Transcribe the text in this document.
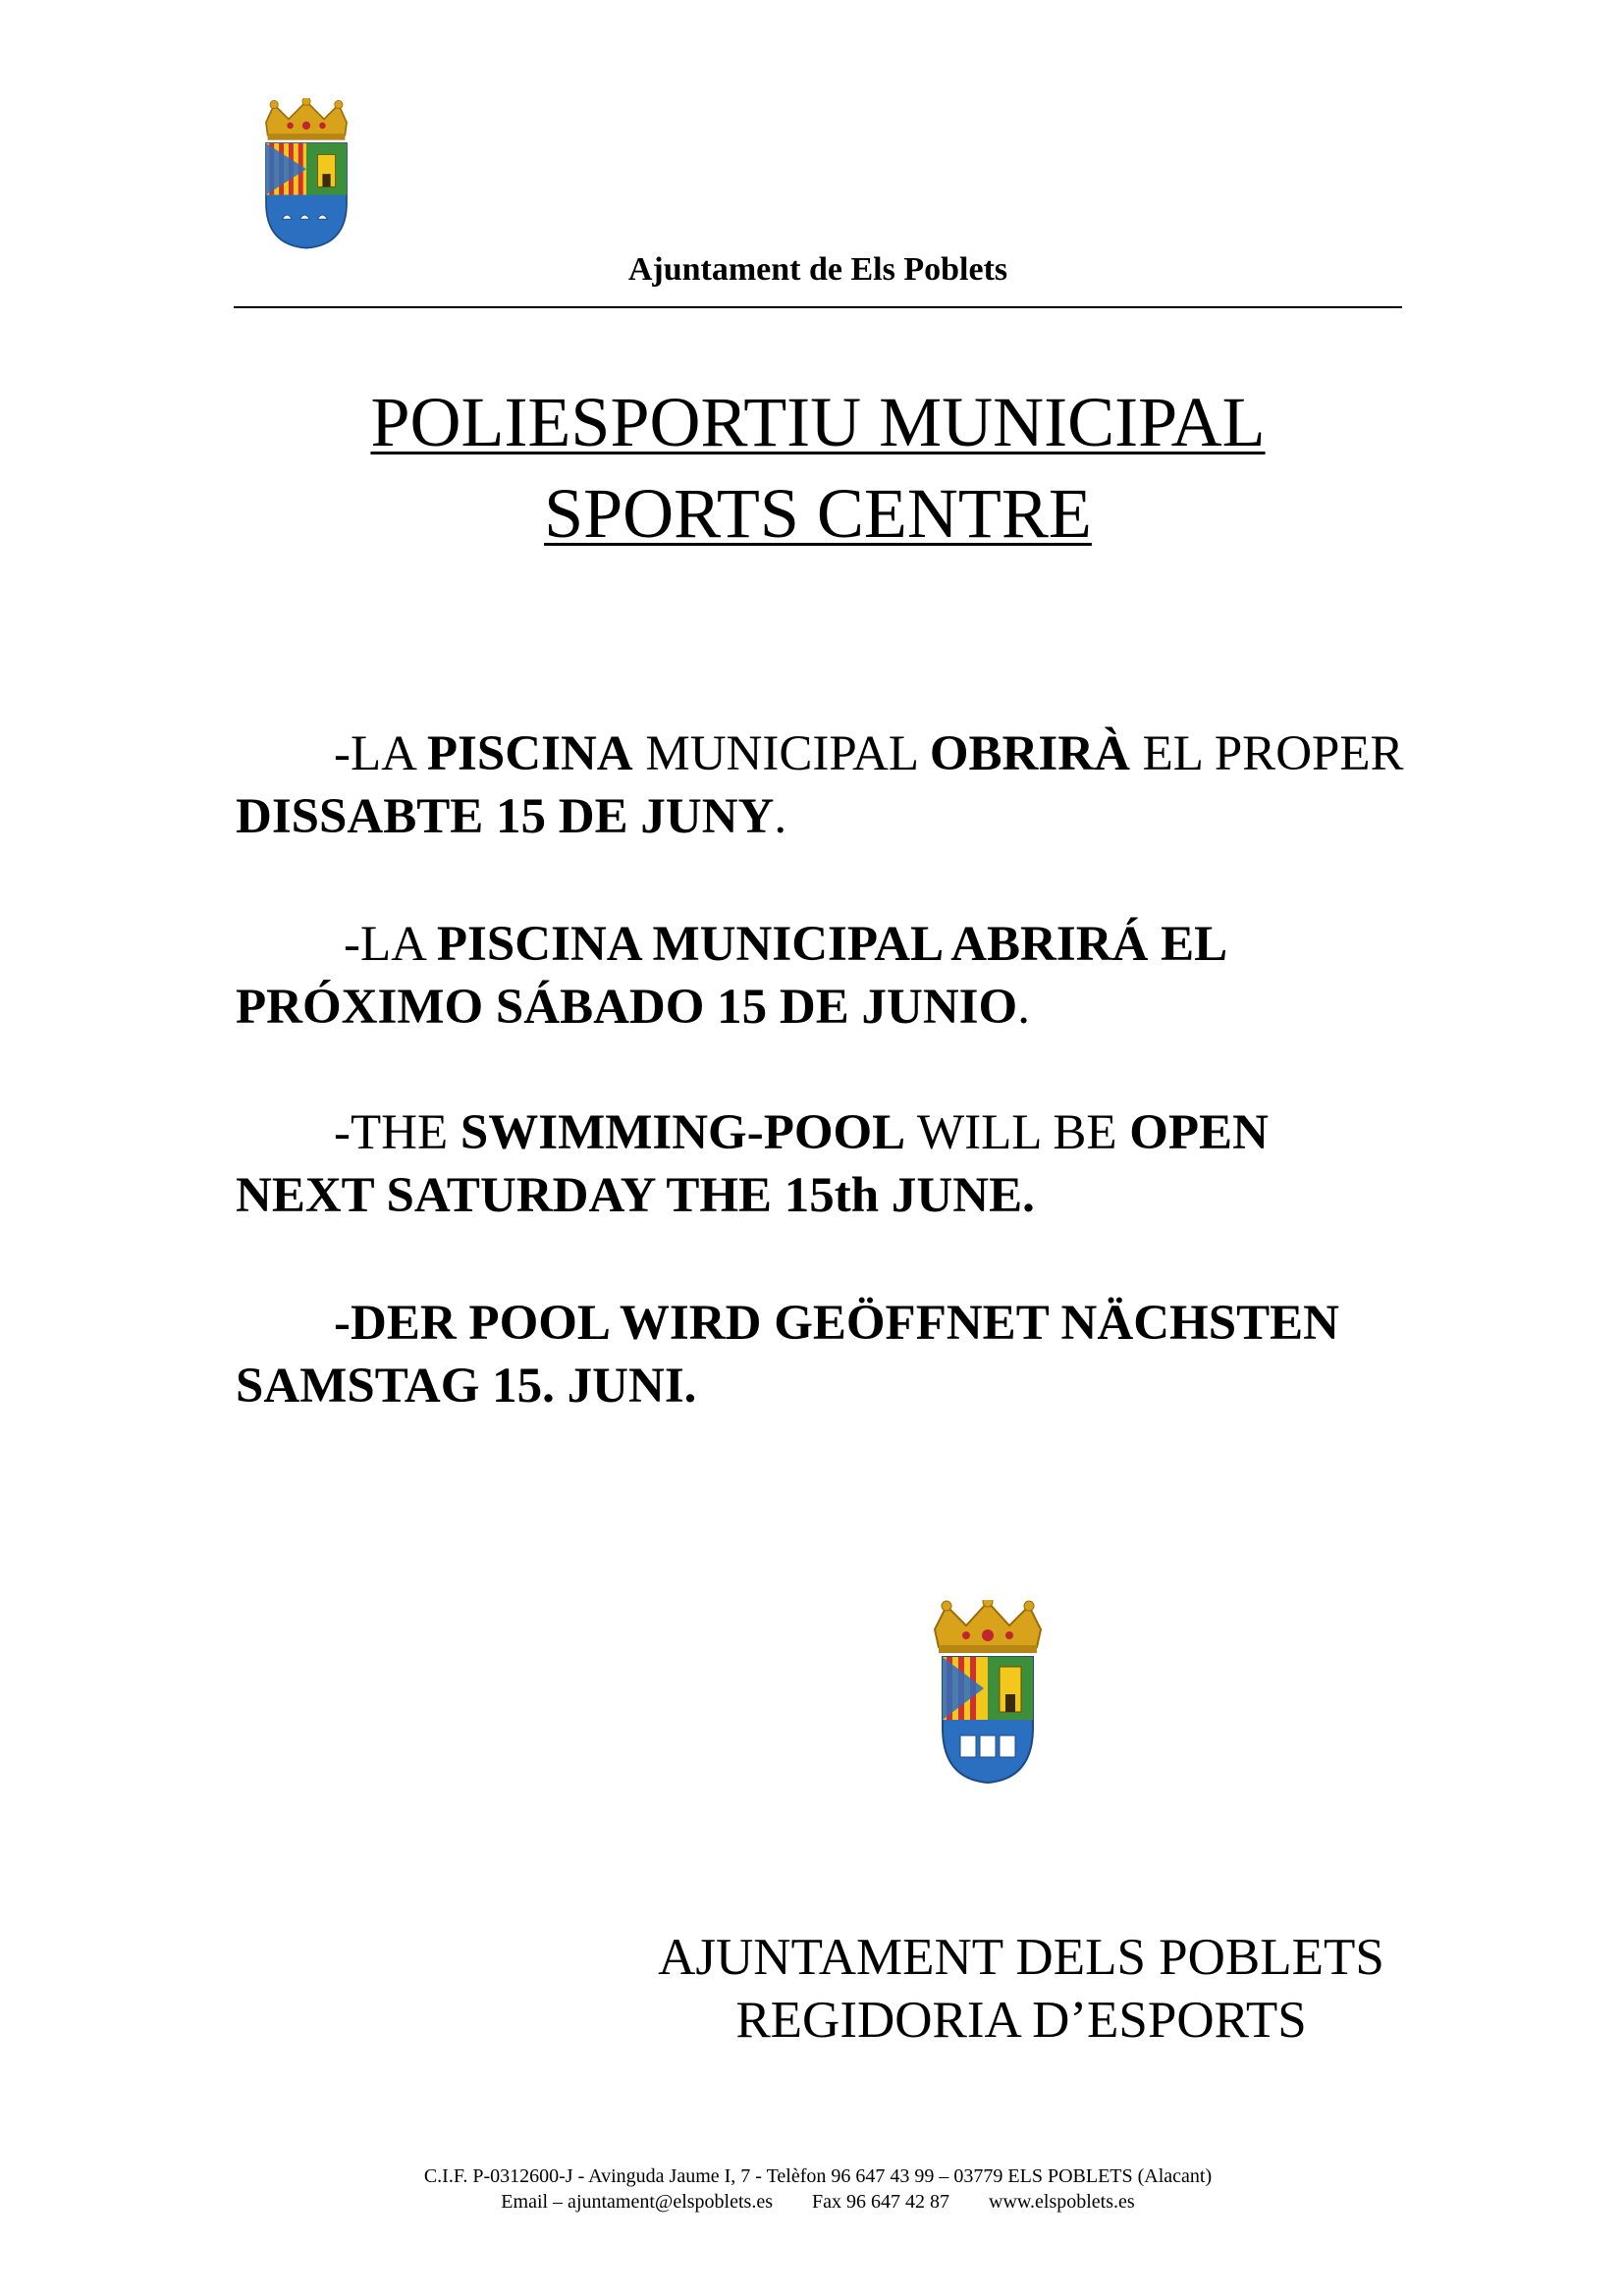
Ajuntament de Els Poblets
POLIESPORTIU MUNICIPAL
SPORTS CENTRE

-LA PISCINA MUNICIPAL OBRIRÀ EL PROPER DISSABTE 15 DE JUNY.

-LA PISCINA MUNICIPAL ABRIRÁ EL PRÓXIMO SÁBADO 15 DE JUNIO.

-THE SWIMMING-POOL WILL BE OPEN NEXT SATURDAY THE 15th JUNE.

-DER POOL WIRD GEÖFFNET NÄCHSTEN SAMSTAG 15. JUNI.

AJUNTAMENT DELS POBLETS
REGIDORIA D’ESPORTS
C.I.F. P-0312600-J - Avinguda Jaume I, 7 - Telèfon 96 647 43 99 – 03779 ELS POBLETS (Alacant)
Email – ajuntament@elspoblets.es Fax 96 647 42 87 www.elspoblets.es
